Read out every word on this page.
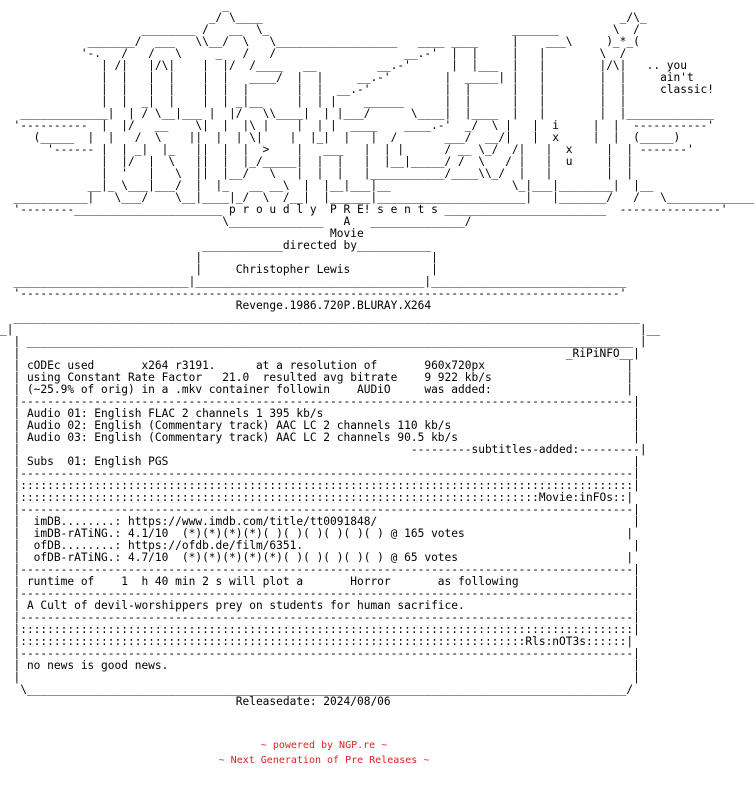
_
_/ \____                                                     _/\_
________ /   __  \_                                    _______        \  /
_______/  ___   \\__/  \   \__________________   ____ ____     |    ___\     )_*_(
'-.   /   /   \     _   /   /                   __.-'  |  |     |   |        \  /
| /|   |/\|    |  |/  /____   __         __.-'      |  |___  |   |        |/\|   .. you
|  |   |  |    |  |   ____/  |  |     __.-'        |  _____| |   |        |  |     ain't
|  |   |  |    |  |  |       |  |  __.-'           |  |      |   |        |  |     classic!
|  |  _|  |    |  | _|__     |  | |    ______      |  |      |   |        |  |
_____________|  | / \__|___ |  |/   \\____|  | |___/      \____|  |____  |   |        |  |_____________
'----------  |  |/   __    \|  |  |\ |    |  | |  ____    ____.-'  _/  \ |   |  i     |  |  -----------'
(_____  |  |   /  \    ||  |  | \|    |  |_|  |   |  /       ___/  __/|   |  x     |  |  (_____)
'------ |  | _|  |_   ||  |  |  >    |   ___   |  | |      / __ \_/  /|   |  x     |  | -------'
|  |/  |  \   ||  |  |_/_____|  |  |   |  |__|_____/ /  \   / |   |  u     |  |
|  '   |   \  ||  |__/   \   |  |  |   |___________/____\\_/  |   |        |  |
__|_ \___|___/  |  |_   __ __\  |  |__|___|__                  \_|___|________|  |__
___________|   \___/    \__|____|_/  \  /__|  |______|______________________|   |_______/   /   \_____________
'--------______________________ p r o u d l y  P R E! s e n t s ________________________  ---------------'
\______________   A   ______________/
Movie
____________directed by___________
|                                  |
|     Christopher Lewis            |
__________________________|__________________________________|_____________________________
'-----------------------------------------------------------------------------------------'
Revenge.1986.720P.BLURAY.X264
_____________________________________________________________________________________________
_|                                                                                             |__
| __________________________________________________________________________________________ |
|                                                                                 _RiPiNFO__|
| cODEc used       x264 r3191.      at a resolution of       960x720px                     |
| using Constant Rate Factor   21.0  resulted avg bitrate    9 922 kb/s                    |
| (~25.9% of orig) in a .mkv container followin    AUDiO     was added:                    |
|-------------------------------------------------------------------------------------------|
| Audio 01: English FLAC 2 channels 1 395 kb/s                                              |
| Audio 02: English (Commentary track) AAC LC 2 channels 110 kb/s                           |
| Audio 03: English (Commentary track) AAC LC 2 channels 90.5 kb/s                          |
|                                                          ---------subtitles-added:---------|
| Subs  01: English PGS                                                                     |
|-------------------------------------------------------------------------------------------|
|:::::::::::::::::::::::::::::::::::::::::::::::::::::::::::::::::::::::::::::::::::::::::::|
|:::::::::::::::::::::::::::::::::::::::::::::::::::::::::::::::::::::::::::::Movie:inFOs::|
|-------------------------------------------------------------------------------------------|
|  imDB........: https://www.imdb.com/title/tt0091848/                                      |
|  imDB-rATiNG.: 4.1/10  (*)(*)(*)(*)( )( )( )( )( )( ) @ 165 votes                        |
|  ofDB........: https://ofdb.de/film/6351.                                                 |
|  ofDB-rATiNG.: 4.7/10  (*)(*)(*)(*)(*)( )( )( )( )( ) @ 65 votes                         |
|-------------------------------------------------------------------------------------------|
| runtime of    1  h 40 min 2 s will plot a       Horror       as following                 |
|-------------------------------------------------------------------------------------------|
| A Cult of devil-worshippers prey on students for human sacrifice.                         |
|-------------------------------------------------------------------------------------------|
|:::::::::::::::::::::::::::::::::::::::::::::::::::::::::::::::::::::::::::::::::::::::::::|
|:::::::::::::::::::::::::::::::::::::::::::::::::::::::::::::::::::::::::::Rls:nOT3s::::::|
|-------------------------------------------------------------------------------------------|
| no news is good news.                                                                     |
|                                                                                           |
\_________________________________________________________________________________________/
Releasedate: 2024/08/06

~ powered by NGP.re ~
~ Next Generation of Pre Releases ~
